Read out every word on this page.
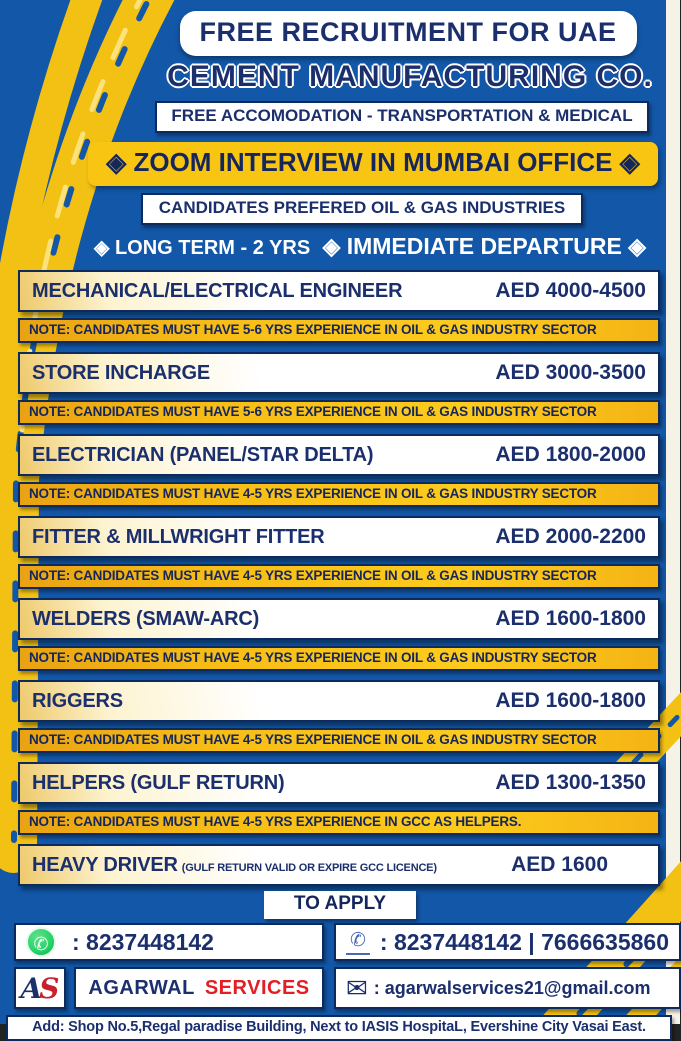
FREE RECRUITMENT FOR UAE
CEMENT MANUFACTURING CO.
FREE ACCOMODATION - TRANSPORTATION & MEDICAL
◈ ZOOM INTERVIEW IN MUMBAI OFFICE ◈
CANDIDATES PREFERED OIL & GAS INDUSTRIES
◈ LONG TERM - 2 YRS ◈ IMMEDIATE DEPARTURE ◈
MECHANICAL/ELECTRICAL ENGINEER	AED 4000-4500
NOTE: CANDIDATES MUST HAVE 5-6 YRS EXPERIENCE IN OIL & GAS INDUSTRY SECTOR
STORE INCHARGE	AED 3000-3500
NOTE: CANDIDATES MUST HAVE 5-6 YRS EXPERIENCE IN OIL & GAS INDUSTRY SECTOR
ELECTRICIAN (PANEL/STAR DELTA)	AED 1800-2000
NOTE: CANDIDATES MUST HAVE 4-5 YRS EXPERIENCE IN OIL & GAS INDUSTRY SECTOR
FITTER & MILLWRIGHT FITTER	AED 2000-2200
NOTE: CANDIDATES MUST HAVE 4-5 YRS EXPERIENCE IN OIL & GAS INDUSTRY SECTOR
WELDERS (SMAW-ARC)	AED 1600-1800
NOTE: CANDIDATES MUST HAVE 4-5 YRS EXPERIENCE IN OIL & GAS INDUSTRY SECTOR
RIGGERS	AED 1600-1800
NOTE: CANDIDATES MUST HAVE 4-5 YRS EXPERIENCE IN OIL & GAS INDUSTRY SECTOR
HELPERS (GULF RETURN)	AED 1300-1350
NOTE: CANDIDATES MUST HAVE 4-5 YRS EXPERIENCE IN GCC AS HELPERS.
HEAVY DRIVER (GULF RETURN VALID OR EXPIRE GCC LICENCE)	AED 1600
TO APPLY
✆	: 8237448142	✆ : 8237448142 | 7666635860
A
S AGARWAL SERVICES ✉ : agarwalservices21@gmail.com
Add: Shop No.5,Regal paradise Building, Next to IASIS HospitaL, Evershine City Vasai East.
